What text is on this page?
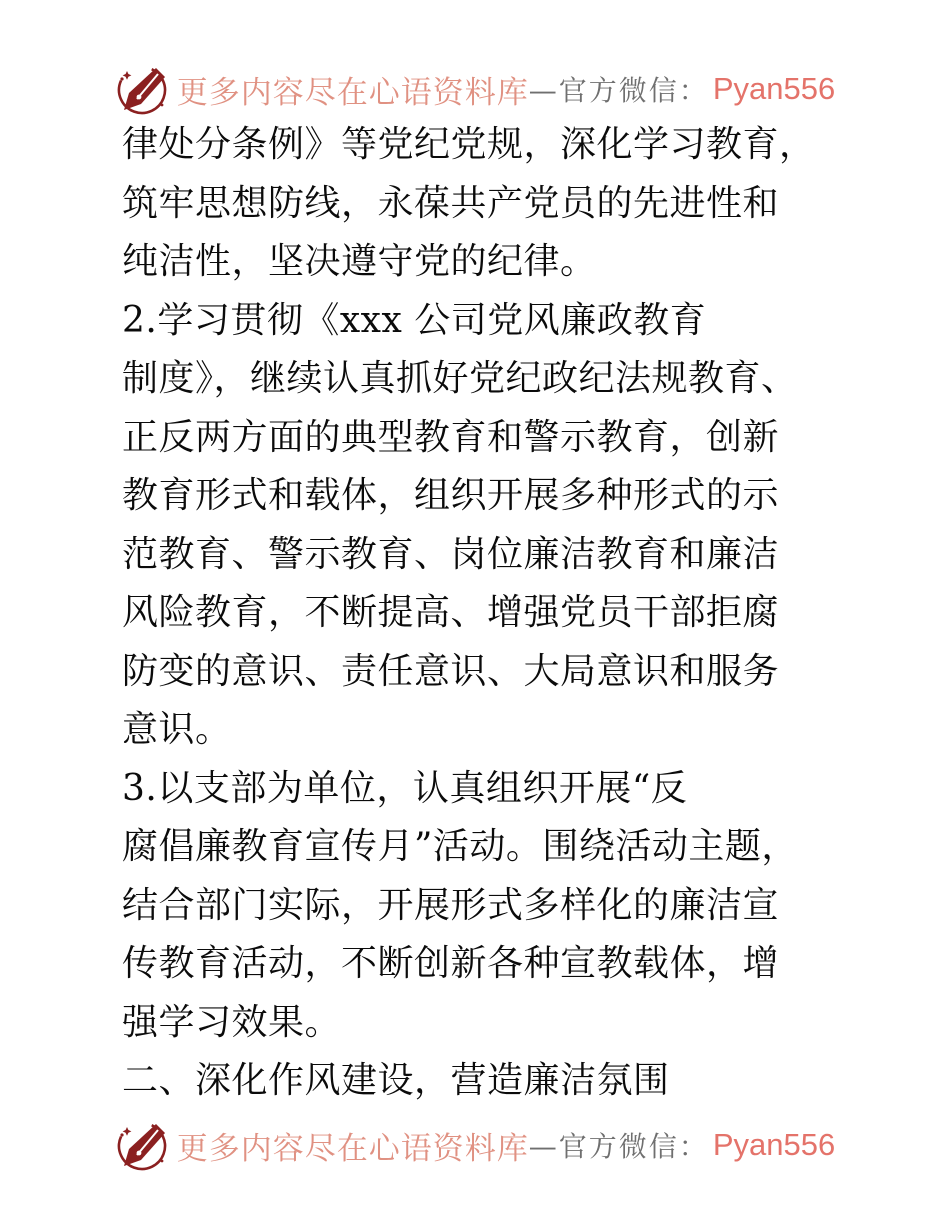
更多内容尽在心语资料库 —官方微信： Pyan556
律处分条例》等党纪党规，深化学习教育，
筑牢思想防线，永葆共产党员的先进性和
纯洁性，坚决遵守党的纪律。
2.学习贯彻《xxx 公司党风廉政教育
制度》，继续认真抓好党纪政纪法规教育、
正反两方面的典型教育和警示教育，创新
教育形式和载体，组织开展多种形式的示
范教育、警示教育、岗位廉洁教育和廉洁
风险教育，不断提高、增强党员干部拒腐
防变的意识、责任意识、大局意识和服务
意识。
3.以支部为单位，认真组织开展“反
腐倡廉教育宣传月”活动。围绕活动主题，
结合部门实际，开展形式多样化的廉洁宣
传教育活动，不断创新各种宣教载体，增
强学习效果。
二、深化作风建设，营造廉洁氛围
更多内容尽在心语资料库 —官方微信： Pyan556
